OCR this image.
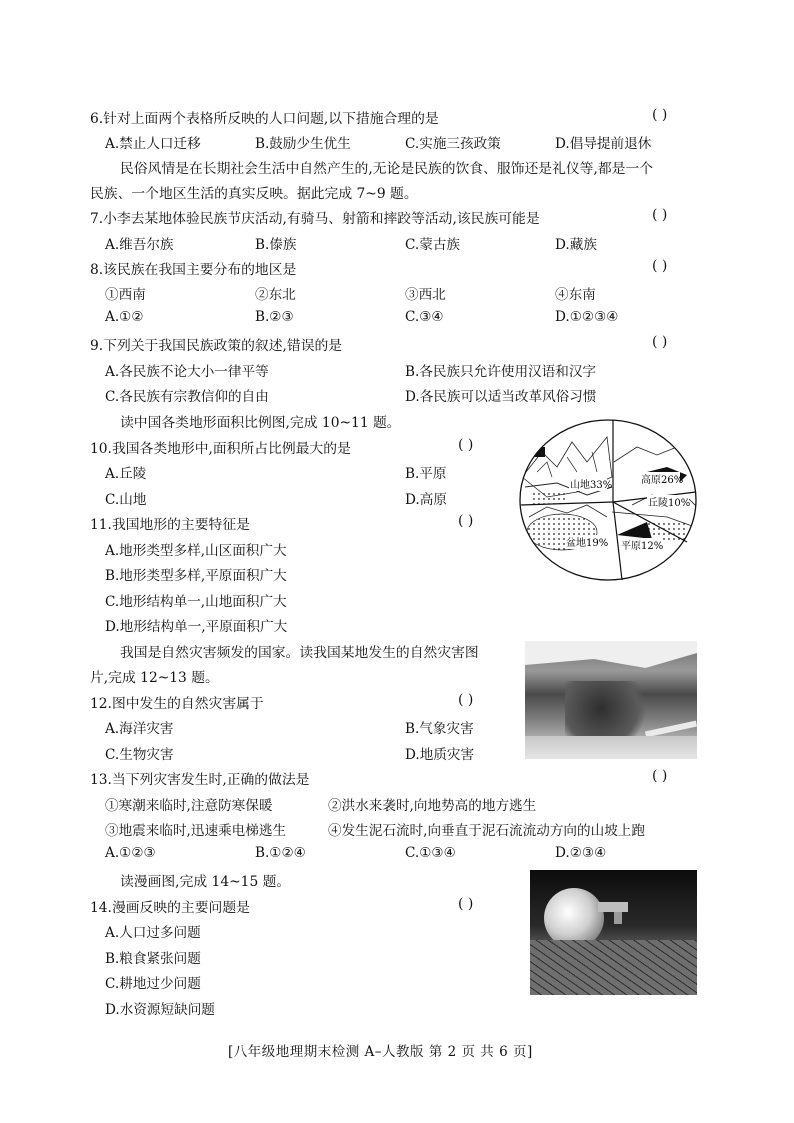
6.针对上面两个表格所反映的人口问题,以下措施合理的是	( )
A.禁止人口迁移	B.鼓励少生优生	C.实施三孩政策	D.倡导提前退休
民俗风情是在长期社会生活中自然产生的,无论是民族的饮食、服饰还是礼仪等,都是一个
民族、一个地区生活的真实反映。据此完成 7~9 题。
7.小李去某地体验民族节庆活动,有骑马、射箭和摔跤等活动,该民族可能是	( )
A.维吾尔族	B.傣族	C.蒙古族	D.藏族
8.该民族在我国主要分布的地区是	( )
①西南	②东北	③西北	④东南
A.①②	B.②③	C.③④	D.①②③④
9.下列关于我国民族政策的叙述,错误的是	( )
A.各民族不论大小一律平等	B.各民族只允许使用汉语和汉字
C.各民族有宗教信仰的自由	D.各民族可以适当改革风俗习惯
读中国各类地形面积比例图,完成 10~11 题。
10.我国各类地形中,面积所占比例最大的是	( )
A.丘陵	B.平原
C.山地	D.高原
11.我国地形的主要特征是	( )
A.地形类型多样,山区面积广大
B.地形类型多样,平原面积广大
C.地形结构单一,山地面积广大
D.地形结构单一,平原面积广大
山地33%	高原26%
丘陵10%
平原12%
盆地19%
我国是自然灾害频发的国家。读我国某地发生的自然灾害图
片,完成 12~13 题。
12.图中发生的自然灾害属于	( )
A.海洋灾害	B.气象灾害
C.生物灾害	D.地质灾害
13.当下列灾害发生时,正确的做法是	( )
①寒潮来临时,注意防寒保暖	②洪水来袭时,向地势高的地方逃生
③地震来临时,迅速乘电梯逃生	④发生泥石流时,向垂直于泥石流流动方向的山坡上跑
A.①②③	B.①②④	C.①③④	D.②③④
读漫画图,完成 14~15 题。
14.漫画反映的主要问题是	( )
A.人口过多问题
B.粮食紧张问题
C.耕地过少问题
D.水资源短缺问题
[八年级地理期末检测 A–人教版 第 2 页 共 6 页]
